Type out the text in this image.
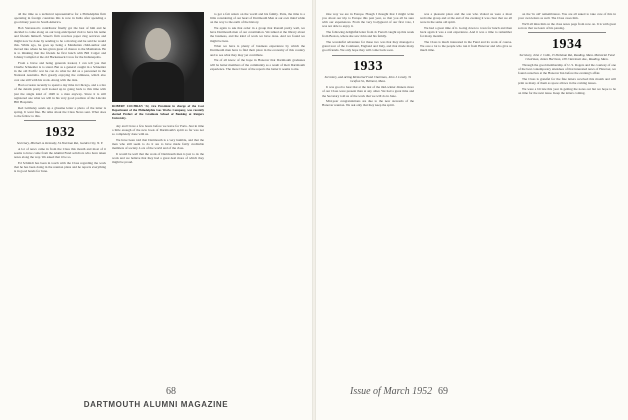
all the time as a technical representative for a Philadelphia firm operating in foreign countries this is now in India after spending a good many years in South America.

Bob Stevenson's contributor finally got the best of him and he decided to come along on our long-anticipated visit to have his name and friends himself. Street's firm receives paper ring services and might now be done by sending to be a moving and he said he would this. While ago, he goes up being a Manhattan child-author and moved into where he has given great of chance to the Manhattan. He is to thinking that the friends he first lunch with Bill Colger and Johnny Campfel at the old Hackenseck Cross for the Indianapolis.

From a brave and being generals treated, I can tell you that Charlie Schneider is to stand. But as a general caught in a Schneider in the old Pacific war he can do what he did as a personnel in the National Australia. He's greatly enjoying the calmness, which also cost one still with his work. Along with the data.

Had occasion recently to spend a day time in Chicago, and a a tire of the details pretty well looked up in going back to this time with just the single kind of 1948 to a man anyway. Since it is still registered one what we will in his very good position of the Lincoln Hill Hospitals.

Red Grimsley sends up a glassine letter a photo of the letter is spring. It went fine. He talks about the Class News sent. What does to the fellow to this.

1932
Secretary, Michael A. Kennedy, 34 Sherman Rd., Garden City, N. Y.

A lot of news came in from the Class this month and most of it seems to have come from the Alumni Fund solicitors who have taken notes along the way. We asked that it be so.

Ed Schmidt has been in touch with the Class regarding the work that he has been doing in the reunion plans and he reports everything is in good hands for June.

ROBERT COCHRAN '32, vice President in charge of the Cost Department of the Philadelphia Gas Works Company, was recently elected Prefect of the Graduate School of Banking at Rutgers University.

day and I have a few hours before we leave for Paris. Just in time a little enough of the new book of Dartmouth's spirit so far was not so completely done with us.

We have been told that Dartmouth is a very humble, and that the men who still seem to do it are to have made fairly creditable members of society. Lots of the world and of the class.

It would be well that the work of Dartmouth men is just to do the work and we believe that they had a great deal more of which they might be proud.

to get a fair return on the world and his family. Paris, the time is a little considering of our heart of Dartmouth Men at our own mind while on the way to the earth of the history.

We again to ask that order in a group that Ronald pretty well, we have Dartmouth men of our constitution. We talked at the library about the business, and the kind of work we have done. And we found we might be here.

What we have is plenty of business experience by which the Dartmouth men have to find their place in the economy of this country and to see what they may yet contribute.

We of all know of the hope in Hanover that Dartmouth graduates will be better members of the community as a result of their Dartmouth experience. The more I hear of the reports the better it seems to me.

68
DARTMOUTH ALUMNI MAGAZINE

One way we are in Europe. Hough I thought that I might write you about our trip to Europe this past year, so that you all be sure with our experiences. From the very bodyguard of our first vote, I was not able to enjoy it.

The following delightful letter from Jo Farrell caught up this week from Boston, where she saw John and his family.

The wonderful adventure for these two was that they managed a grand tour of the Continent, England and Italy, and that made many good friends. We only hope they will come back soon.

1933
Secretary, and Acting Memorial Fund Chairman, John J. Lovely, 31 Grafton St., Belmont, Mass.

It was good to hear that at the last of the mid-winter dinners more of our Class were present than at any other. We had a great time and the Secretary told us of the work that we will do in June.

Mid-year congratulations are due to the new stewards of the Hanover reunion. We ask only that they keep the spirit.

was a pleasant place and the son who visited us were a most welcome group and at the end of the evening it was clear that we all were in the same old spirit.

We had a great time of it. Going down to town for lunch and then back again it was a real experience. And it was a time to remember for many months.

The Class is much interested in the Fund and its work of course. We owe a lot to the people who run it from Hanover and who give so much time.

on the 'in old' remembrance. You are all asked to take care of this in your own letters as well. The Class owes him.

We'll all miss him on the class notes page from now on. It is with great sorrow that we learn of his passing.

1934
Secretary, John J. Cobb, 15 Parkman Rd., Reading, Mass. Memorial Fund Chairman, James Harrison, 100 Claremont Ave., Reading, Mass.

Through the good membership of U. S. Rogers and the courtesy of one of the best contemporary attendees of that interested news of Hanover, we found ourselves at the Hanover Inn before the evening's affair.

The Class is grateful for the fine letters received this month and will print as many of them as space allows in the coming issues.

We were a bit late this year in getting the notes out but we hope to be on time for the next issue. Keep the letters coming.

69
Issue of March 1952
